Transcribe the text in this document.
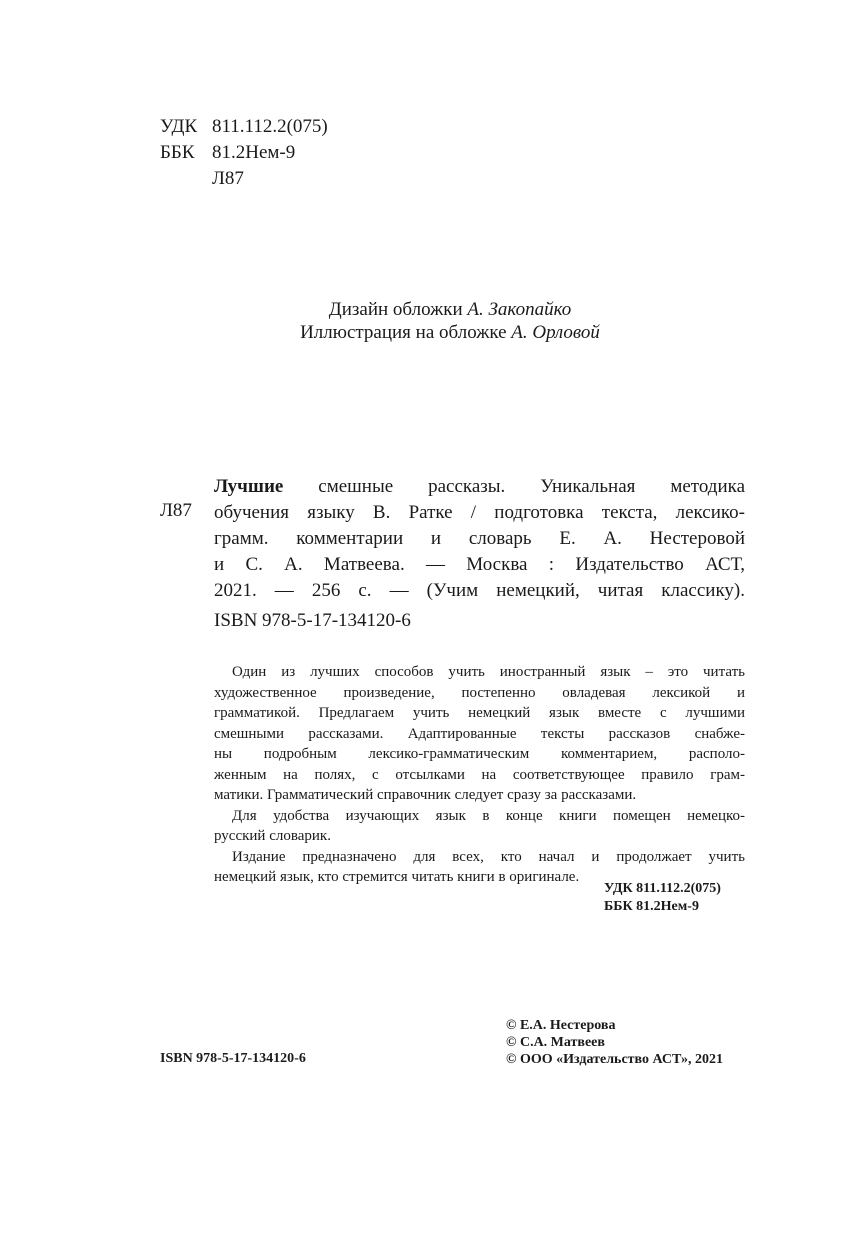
УДК 811.112.2(075)
ББК 81.2Нем-9
Л87
Дизайн обложки А. Закопайко
Иллюстрация на обложке А. Орловой
Л87
Лучшие смешные рассказы. Уникальная методика
обучения языку В. Ратке / подготовка текста, лексико-
грамм. комментарии и словарь Е. А. Нестеровой
и С. А. Матвеева. — Москва : Издательство АСТ,
2021. — 256 с. — (Учим немецкий, читая классику).
ISBN 978-5-17-134120-6
Один из лучших способов учить иностранный язык – это читать
художественное произведение, постепенно овладевая лексикой и
грамматикой. Предлагаем учить немецкий язык вместе с лучшими
смешными рассказами. Адаптированные тексты рассказов снабже-
ны подробным лексико-грамматическим комментарием, располо-
женным на полях, с отсылками на соответствующее правило грам-
матики. Грамматический справочник следует сразу за рассказами.
Для удобства изучающих язык в конце книги помещен немецко-
русский словарик.
Издание предназначено для всех, кто начал и продолжает учить
немецкий язык, кто стремится читать книги в оригинале.
УДК 811.112.2(075)
ББК 81.2Нем-9
© Е.А. Нестерова
© С.А. Матвеев
© ООО «Издательство АСТ», 2021
ISBN 978-5-17-134120-6
